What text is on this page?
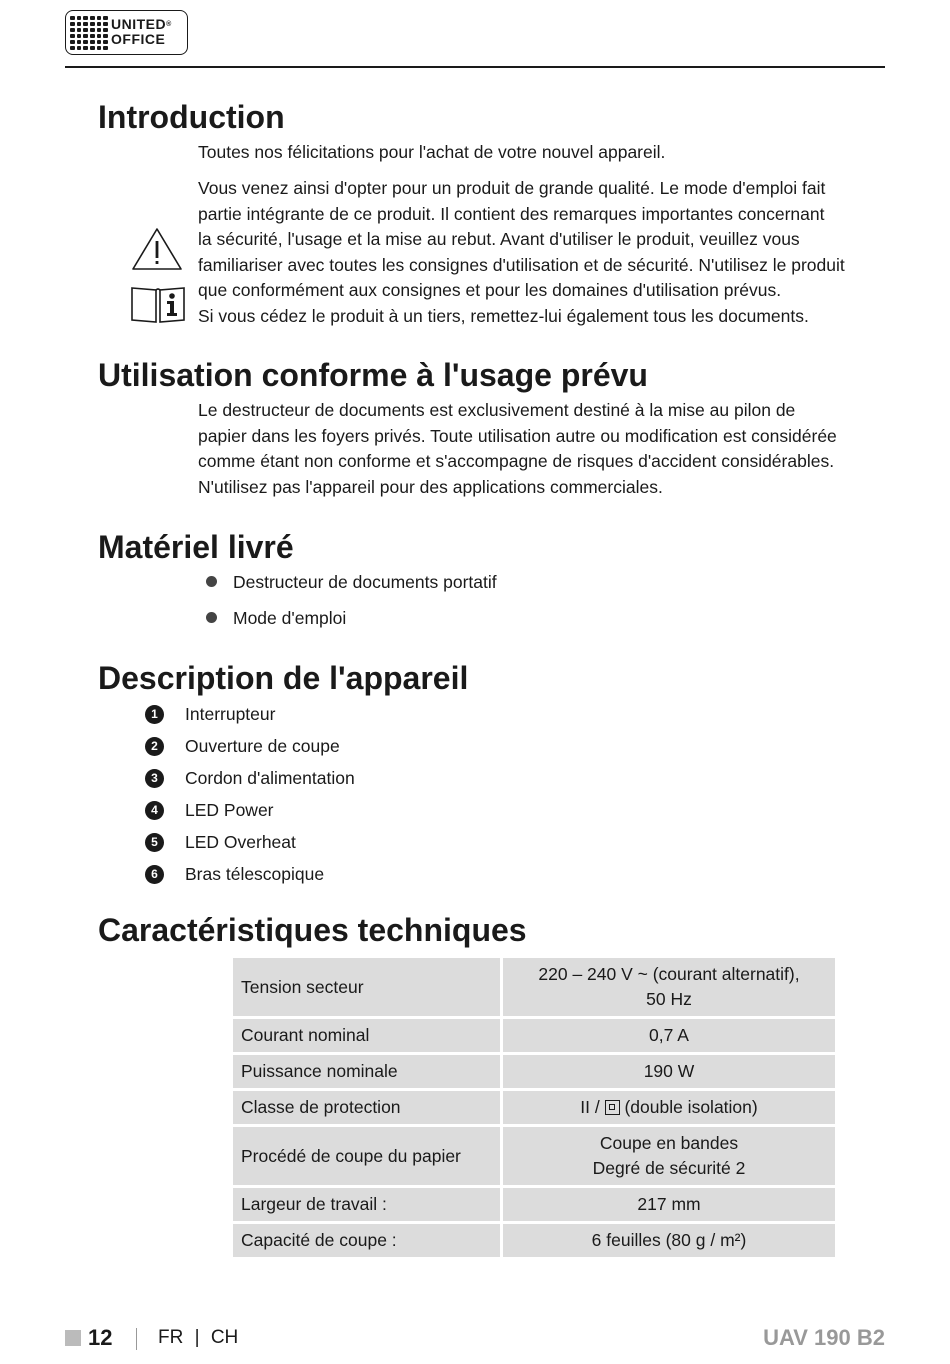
UNITED®
OFFICE
Introduction

Toutes nos félicitations pour l'achat de votre nouvel appareil.

Vous venez ainsi d'opter pour un produit de grande qualité. Le mode d'emploi fait
partie intégrante de ce produit. Il contient des remarques importantes concernant
la sécurité, l'usage et la mise au rebut. Avant d'utiliser le produit, veuillez vous
familiariser avec toutes les consignes d'utilisation et de sécurité. N'utilisez le produit
que conformément aux consignes et pour les domaines d'utilisation prévus.
Si vous cédez le produit à un tiers, remettez-lui également tous les documents.
Utilisation conforme à l'usage prévu
Le destructeur de documents est exclusivement destiné à la mise au pilon de
papier dans les foyers privés. Toute utilisation autre ou modification est considérée
comme étant non conforme et s'accompagne de risques d'accident considérables.
N'utilisez pas l'appareil pour des applications commerciales.
Matériel livré
Destructeur de documents portatif
Mode d'emploi
Description de l'appareil
1	Interrupteur
2	Ouverture de coupe
3	Cordon d'alimentation
4	LED Power
5	LED Overheat
6	Bras télescopique
Caractéristiques techniques
Tension secteur	220 – 240 V ~ (courant alternatif),
50 Hz

Courant nominal	0,7 A
Puissance nominale	190 W
Classe de protection	II /  (double isolation)
Procédé de coupe du papier	Coupe en bandes
Degré de sécurité 2

Largeur de travail :	217 mm
Capacité de coupe :	6 feuilles (80 g / m²)
12 FR | CH	UAV 190 B2
